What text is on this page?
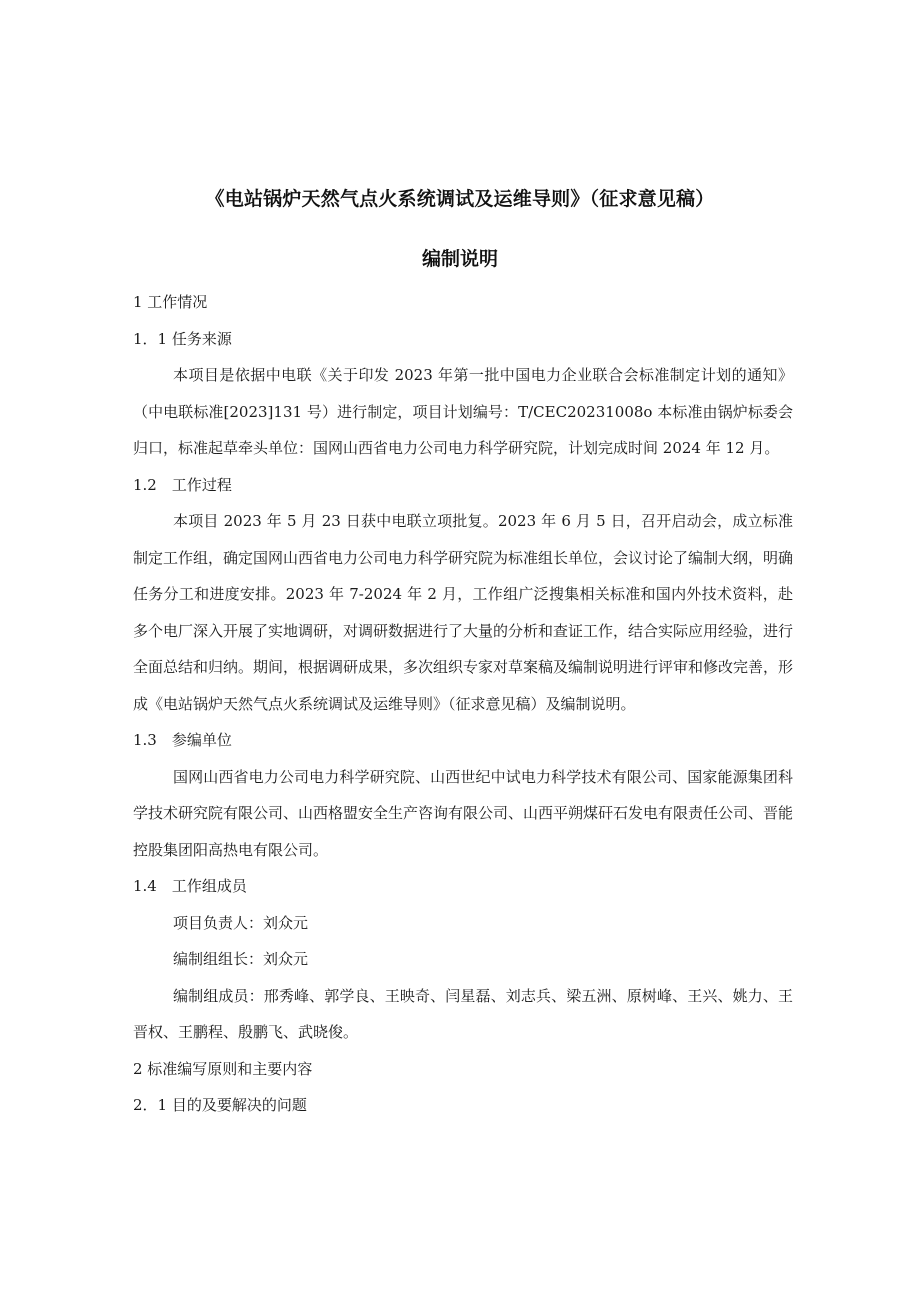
《电站锅炉天然气点火系统调试及运维导则》（征求意见稿）
编制说明

1 工作情况

1．1 任务来源

本项目是依据中电联《关于印发 2023 年第一批中国电力企业联合会标准制定计划的通知》（中电联标准[2023]131 号）进行制定，项目计划编号：T/CEC20231008o 本标准由锅炉标委会归口，标准起草牵头单位：国网山西省电力公司电力科学研究院，计划完成时间 2024 年 12 月。

1.2　工作过程

本项目 2023 年 5 月 23 日获中电联立项批复。2023 年 6 月 5 日，召开启动会，成立标准制定工作组，确定国网山西省电力公司电力科学研究院为标准组长单位，会议讨论了编制大纲，明确任务分工和进度安排。2023 年 7-2024 年 2 月，工作组广泛搜集相关标准和国内外技术资料，赴多个电厂深入开展了实地调研，对调研数据进行了大量的分析和查证工作，结合实际应用经验，进行全面总结和归纳。期间，根据调研成果，多次组织专家对草案稿及编制说明进行评审和修改完善，形成《电站锅炉天然气点火系统调试及运维导则》（征求意见稿）及编制说明。

1.3　参编单位

国网山西省电力公司电力科学研究院、山西世纪中试电力科学技术有限公司、国家能源集团科学技术研究院有限公司、山西格盟安全生产咨询有限公司、山西平朔煤矸石发电有限责任公司、晋能控股集团阳高热电有限公司。

1.4　工作组成员

项目负责人：刘众元

编制组组长：刘众元

编制组成员：邢秀峰、郭学良、王映奇、闫星磊、刘志兵、梁五洲、原树峰、王兴、姚力、王晋权、王鹏程、殷鹏飞、武晓俊。

2 标准编写原则和主要内容

2．1 目的及要解决的问题
